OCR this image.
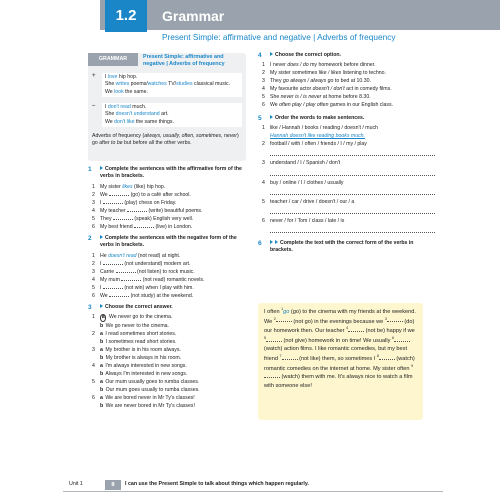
1.2	Grammar
Present Simple: affirmative and negative | Adverbs of frequency
GRAMMAR	Present Simple: affirmative and negative | Adverbs of frequency
+	I love hip hop.
She writes poems/watches TV/studies classical music.
We look the same.
–	I don't read much.
She doesn't understand art.
We don't like the same things.
Adverbs of frequency (always, usually, often, sometimes, never) go after to be but before all the other verbs.
1	Complete the sentences with the affirmative form of the verbs in brackets.
1 My sister likes (like) hip hop.
2 We	(go) to a café after school.
3 I	(play) chess on Friday.
4 My teacher	(write) beautiful poems.
5 They	(speak) English very well.
6 My best friend	(live) in London.
2	Complete the sentences with the negative form of the verbs in brackets.
1 He doesn't read (not read) at night.
2 I	(not understand) modern art.
3 Carrie	(not listen) to rock music.
4 My mum	(not read) romantic novels.
5 I	(not win) when I play with him.
6 We	(not study) at the weekend.
3	Choose the correct answer.
1 a We never go to the cinema.
b We go never to the cinema.
2 a I read sometimes short stories.
b I sometimes read short stories.
3 a My brother is in his room always.
b My brother is always in his room.
4 a I'm always interested in new songs.
b Always I'm interested in new songs.
5 a Our mum usually goes to rumba classes.
b Our mum goes usually to rumba classes.
6 a We are bored never in Mr Ty's classes!
b We are never bored in Mr Ty's classes!
4	Choose the correct option.
1 I never does / do my homework before dinner.
2 My sister sometimes like / likes listening to techno.
3 They go always / always go to bed at 10.30.
4 My favourite actor doesn't / don't act in comedy films.
5 She never is / is never at home before 8.30.
6 We often play / play often games in our English class.
5	Order the words to make sentences.
1 like / Hannah / books / reading / doesn't / much
Hannah doesn't like reading books much.
2 football / with / often / friends / I / my / play
3 understand / I / Spanish / don't
4 buy / online / I / clothes / usually
5 teacher / car / drive / doesn't / our / a
6 never / for / Tom / class / late / is
6	Complete the text with the correct form of the verbs in brackets.
I often $^1$go (go) to the cinema with my friends at the weekend. We $^2$	(not go) in the evenings because we $^3$	(do) our homework then. Our teacher $^4$	(not be) happy if we $^5$	(not give) homework in on time! We usually $^6$ (watch) action films. I like romantic comedies, but my best friend $^7$	(not like) them, so sometimes I $^8$	(watch) romantic comedies on the internet at home. My sister often $^9$ (watch) them with me. It's always nice to watch a film with someone else!
Unit 1	8	I can use the Present Simple to talk about things which happen regularly.
